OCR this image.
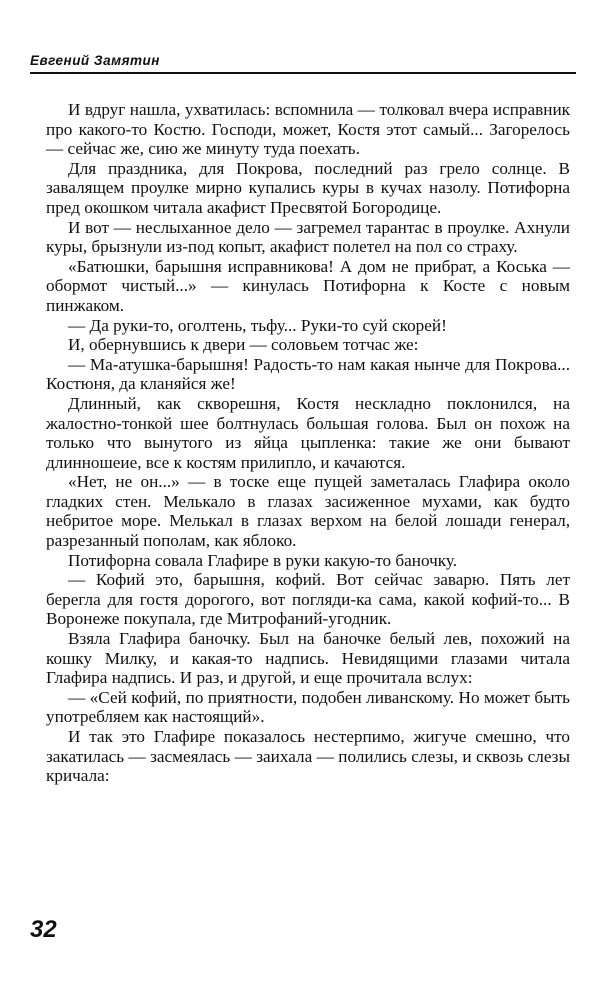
Евгений Замятин

И вдруг нашла, ухватилась: вспомнила — толковал вчера исправник про какого-то Костю. Господи, может, Костя этот самый... Загорелось — сейчас же, сию же минуту туда поехать.

Для праздника, для Покрова, последний раз грело солнце. В завалящем проулке мирно купались куры в кучах назолу. Потифорна пред окошком читала акафист Пресвятой Богородице.

И вот — неслыханное дело — загремел тарантас в проулке. Ахнули куры, брызнули из-под копыт, акафист полетел на пол со страху.

«Батюшки, барышня исправникова! А дом не прибрат, а Коська — обормот чистый...» — кинулась Потифорна к Косте с новым пинжаком.

— Да руки-то, оголтень, тьфу... Руки-то суй скорей!

И, обернувшись к двери — соловьем тотчас же:

— Ма-атушка-барышня! Радость-то нам какая нынче для Покрова... Костюня, да кланяйся же!

Длинный, как скворешня, Костя нескладно поклонился, на жалостно-тонкой шее болтнулась большая голова. Был он похож на только что вынутого из яйца цыпленка: такие же они бывают длинношеие, все к костям прилипло, и качаются.

«Нет, не он...» — в тоске еще пущей заметалась Глафира около гладких стен. Мелькало в глазах засиженное мухами, как будто небритое море. Мелькал в глазах верхом на белой лошади генерал, разрезанный пополам, как яблоко.

Потифорна совала Глафире в руки какую-то баночку.

— Кофий это, барышня, кофий. Вот сейчас заварю. Пять лет берегла для гостя дорогого, вот погляди-ка сама, какой кофий-то... В Воронеже покупала, где Митрофаний-угодник.

Взяла Глафира баночку. Был на баночке белый лев, похожий на кошку Милку, и какая-то надпись. Невидящими глазами читала Глафира надпись. И раз, и другой, и еще прочитала вслух:

— «Сей кофий, по приятности, подобен ливанскому. Но может быть употребляем как настоящий».

И так это Глафире показалось нестерпимо, жигуче смешно, что закатилась — засмеялась — заихала — полились слезы, и сквозь слезы кричала:

32
